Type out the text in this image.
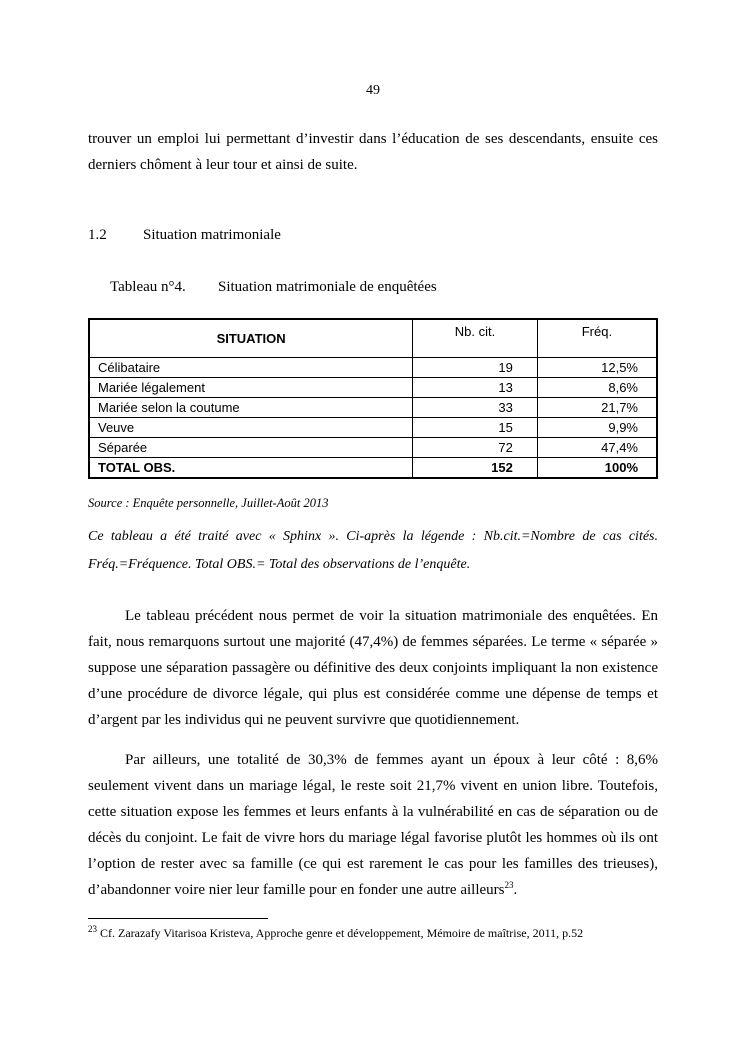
49

trouver un emploi lui permettant d’investir dans l’éducation de ses descendants, ensuite ces derniers chôment à leur tour et ainsi de suite.

1.2 Situation matrimoniale
Tableau n°4. Situation matrimoniale de enquêtées
SITUATION	Nb. cit.	Fréq.
Célibataire	19	12,5%
Mariée légalement	13	8,6%
Mariée selon la coutume	33	21,7%
Veuve	15	9,9%
Séparée	72	47,4%
TOTAL OBS.	152	100%

Source : Enquête personnelle, Juillet-Août 2013

Ce tableau a été traité avec « Sphinx ». Ci-après la légende : Nb.cit.=Nombre de cas cités. Fréq.=Fréquence. Total OBS.= Total des observations de l’enquête.

Le tableau précédent nous permet de voir la situation matrimoniale des enquêtées. En fait, nous remarquons surtout une majorité (47,4%) de femmes séparées. Le terme « séparée » suppose une séparation passagère ou définitive des deux conjoints impliquant la non existence d’une procédure de divorce légale, qui plus est considérée comme une dépense de temps et d’argent par les individus qui ne peuvent survivre que quotidiennement.

Par ailleurs, une totalité de 30,3% de femmes ayant un époux à leur côté : 8,6% seulement vivent dans un mariage légal, le reste soit 21,7% vivent en union libre. Toutefois, cette situation expose les femmes et leurs enfants à la vulnérabilité en cas de séparation ou de décès du conjoint. Le fait de vivre hors du mariage légal favorise plutôt les hommes où ils ont l’option de rester avec sa famille (ce qui est rarement le cas pour les familles des trieuses), d’abandonner voire nier leur famille pour en fonder une autre ailleurs$^{23}$.

$^{23}$ Cf. Zarazafy Vitarisoa Kristeva, Approche genre et développement, Mémoire de maîtrise, 2011, p.52
